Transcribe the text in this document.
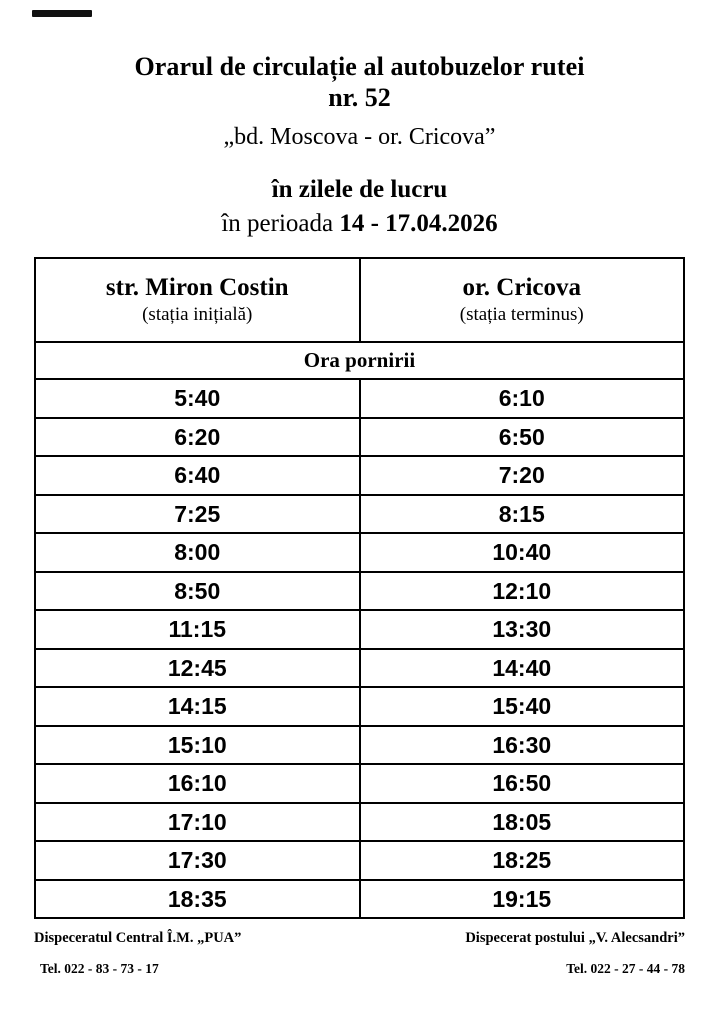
Orarul de circulație al autobuzelor rutei
nr. 52
„bd. Moscova - or. Cricova”
în zilele de lucru
în perioada 14 - 17.04.2026
str. Miron Costin
(stația inițială)

or. Cricova
(stația terminus)

Ora pornirii	
5:40	6:10
6:20	6:50
6:40	7:20
7:25	8:15
8:00	10:40
8:50	12:10
11:15	13:30
12:45	14:40
14:15	15:40
15:10	16:30
16:10	16:50
17:10	18:05
17:30	18:25
18:35	19:15
Dispeceratul Central Î.M. „PUA”
Tel. 022 - 83 - 73 - 17
Dispecerat postului „V. Alecsandri”
Tel. 022 - 27 - 44 - 78
